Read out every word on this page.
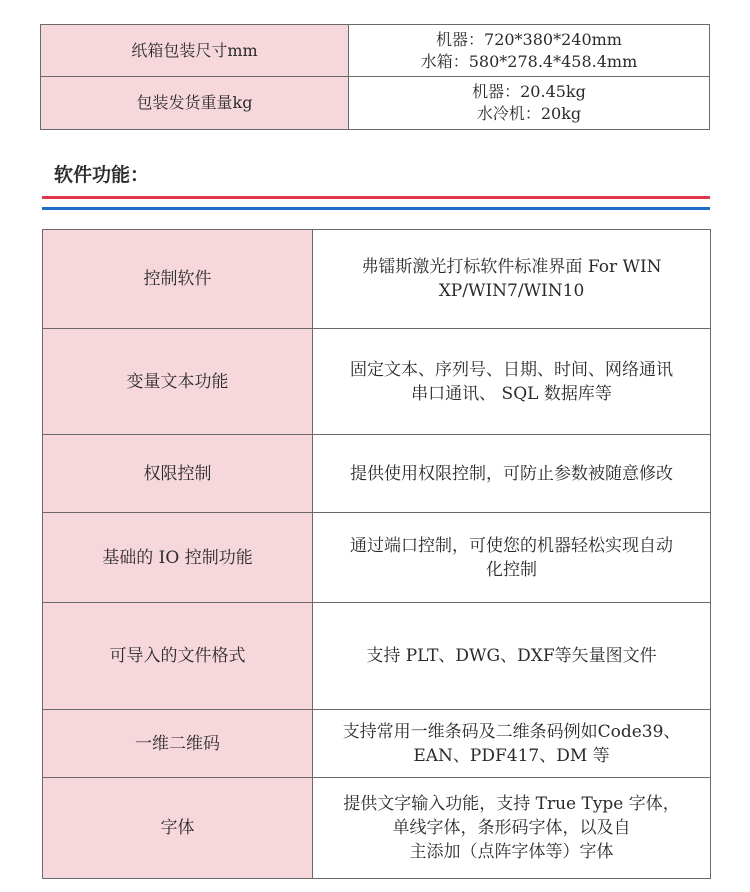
纸箱包装尺寸mm	机器：720*380*240mm
水箱：580*278.4*458.4mm

包装发货重量kg	机器：20.45kg
水冷机：20kg
软件功能：
控制软件	弗镭斯激光打标软件标准界面 For WIN
XP/WIN7/WIN10

变量文本功能	固定文本、序列号、日期、时间、网络通讯
串口通讯、 SQL 数据库等

权限控制	提供使用权限控制，可防止参数被随意修改

基础的 IO 控制功能	通过端口控制，可使您的机器轻松实现自动
化控制

可导入的文件格式	支持 PLT、DWG、DXF等矢量图文件

一维二维码	支持常用一维条码及二维条码例如Code39、
EAN、PDF417、DM 等

字体	提供文字输入功能，支持 True Type 字体，
单线字体，条形码字体，以及自
主添加（点阵字体等）字体
